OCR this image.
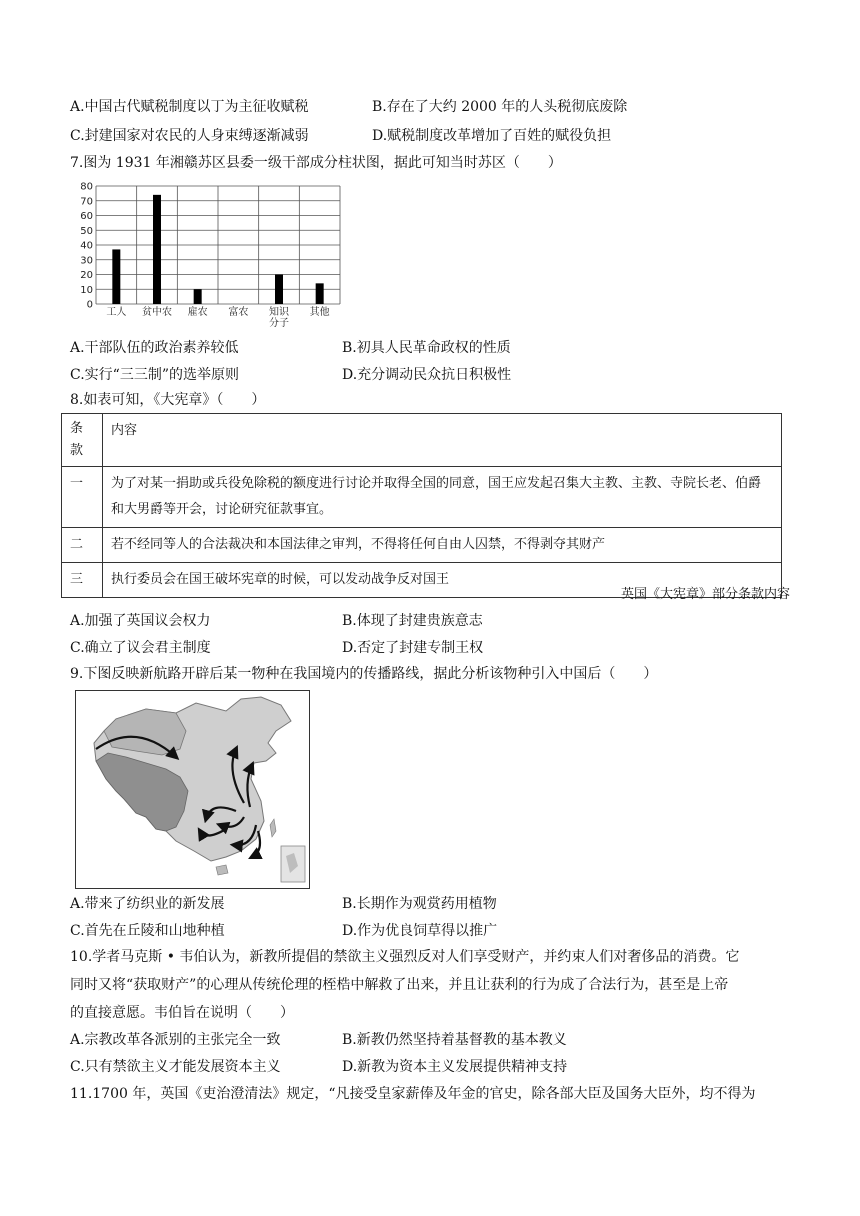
A.中国古代赋税制度以丁为主征收赋税	B.存在了大约 2000 年的人头税彻底废除
C.封建国家对农民的人身束缚逐渐减弱	D.赋税制度改革增加了百姓的赋役负担
7.图为 1931 年湘赣苏区县委一级干部成分柱状图，据此可知当时苏区（　　）
0
10
20
30
40
50
60
70
80
工人 贫中农 雇农 富农 知识
分子
其他
A.干部队伍的政治素养较低	B.初具人民革命政权的性质
C.实行“三三制”的选举原则	D.充分调动民众抗日积极性
8.如表可知，《大宪章》（　　）
条
款	内容
一	为了对某一捐助或兵役免除税的额度进行讨论并取得全国的同意，国王应发起召集大主教、主教、寺院长老、伯爵和大男爵等开会，讨论研究征款事宜。
二	若不经同等人的合法裁决和本国法律之审判，不得将任何自由人囚禁，不得剥夺其财产
三	执行委员会在国王破坏宪章的时候，可以发动战争反对国王
英国《大宪章》部分条款内容
A.加强了英国议会权力	B.体现了封建贵族意志
C.确立了议会君主制度	D.否定了封建专制王权
9.下图反映新航路开辟后某一物种在我国境内的传播路线，据此分析该物种引入中国后（　　）
A.带来了纺织业的新发展	B.长期作为观赏药用植物
C.首先在丘陵和山地种植	D.作为优良饲草得以推广
10.学者马克斯 • 韦伯认为，新教所提倡的禁欲主义强烈反对人们享受财产，并约束人们对奢侈品的消费。它
同时又将“获取财产”的心理从传统伦理的桎梏中解救了出来，并且让获利的行为成了合法行为，甚至是上帝
的直接意愿。韦伯旨在说明（　　）
A.宗教改革各派别的主张完全一致	B.新教仍然坚持着基督教的基本教义
C.只有禁欲主义才能发展资本主义	D.新教为资本主义发展提供精神支持
11.1700 年，英国《吏治澄清法》规定，“凡接受皇家薪俸及年金的官史，除各部大臣及国务大臣外，均不得为
